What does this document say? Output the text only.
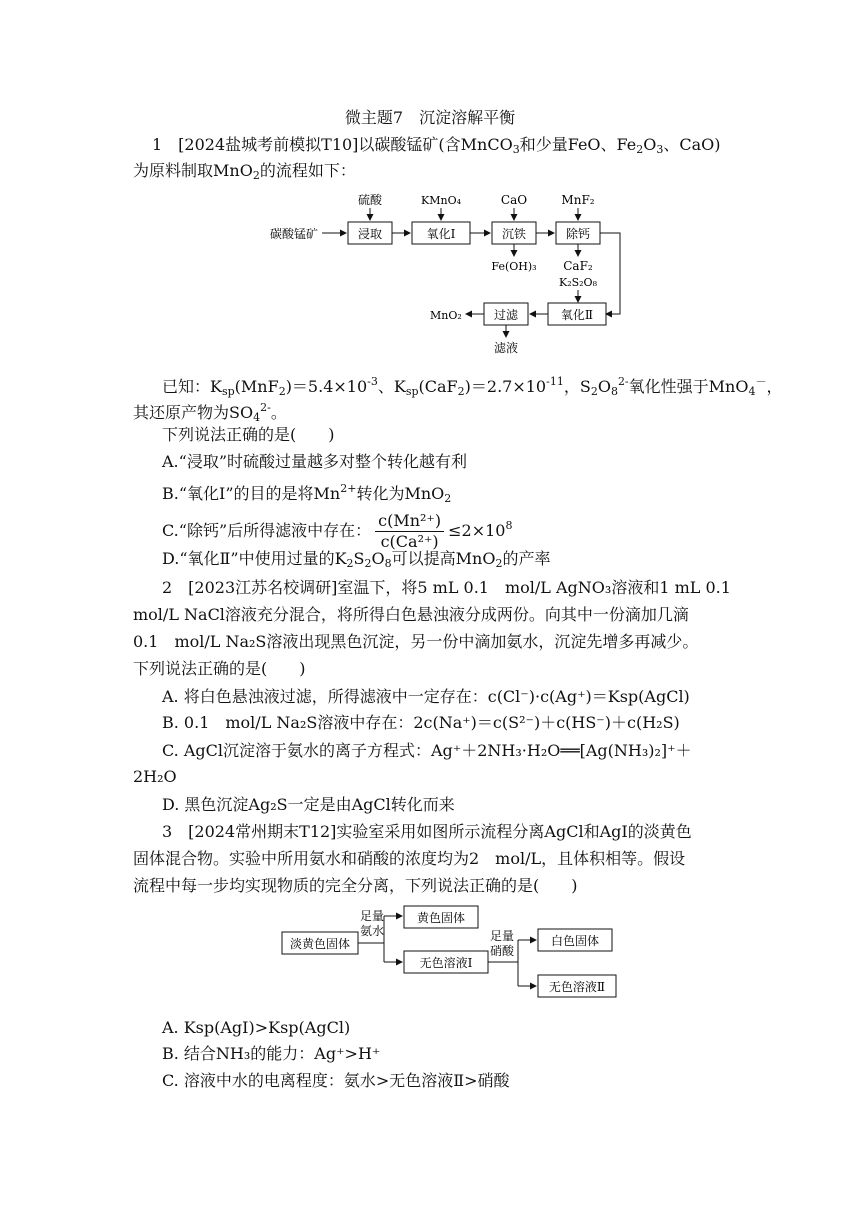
微主题7　沉淀溶解平衡
1　[2024盐城考前模拟T10]以碳酸锰矿(含MnCO$_3$和少量FeO、$Fe_2O_3$、CaO)
为原料制取MnO$_2$的流程如下：
碳酸锰矿	浸取
硫酸
氧化Ⅰ
KMnO₄
沉铁
CaO
Fe(OH)₃
除钙
MnF₂
CaF₂
K₂S₂O₈
氧化Ⅱ
过滤
MnO₂
滤液
已知：$K_{sp}(MnF_2)=5.4\times 10^{-3}$、$K_{sp}(CaF_2)=2.7\times 10^{-11}$，$S_2O_8^{2-}$氧化性强于MnO$_4$－，
其还原产物为$SO_4^{2-}$。
下列说法正确的是(　　)
A.“浸取”时硫酸过量越多对整个转化越有利
B.“氧化Ⅰ”的目的是将$Mn^{2+}$转化为MnO$_2$
C.“除钙”后所得滤液中存在： $\frac{\text{c(Mn²⁺)}}{\text{c(Ca²⁺)}} \le 2\times 10^8$
D.“氧化Ⅱ”中使用过量的$K_2S_2O_8$可以提高MnO$_2$的产率
2　[2023江苏名校调研]室温下，将5 mL 0.1　mol/L AgNO₃溶液和1 mL 0.1
mol/L NaCl溶液充分混合，将所得白色悬浊液分成两份。向其中一份滴加几滴
0.1　mol/L Na₂S溶液出现黑色沉淀，另一份中滴加氨水，沉淀先增多再减少。
下列说法正确的是(　　)
A. 将白色悬浊液过滤，所得滤液中一定存在：c(Cl⁻)·c(Ag⁺)＝Ksp(AgCl)
B. 0.1　mol/L Na₂S溶液中存在：2c(Na⁺)＝c(S²⁻)＋c(HS⁻)＋c(H₂S)
C. AgCl沉淀溶于氨水的离子方程式：Ag⁺＋2NH₃·H₂O══[Ag(NH₃)₂]⁺＋
2H₂O
D. 黑色沉淀Ag₂S一定是由AgCl转化而来
3　[2024常州期末T12]实验室采用如图所示流程分离AgCl和AgI的淡黄色
固体混合物。实验中所用氨水和硝酸的浓度均为2　mol/L，且体积相等。假设
流程中每一步均实现物质的完全分离，下列说法正确的是(　　)
淡黄色固体
足量
氨水
黄色固体
无色溶液Ⅰ
足量
硝酸
白色固体
无色溶液Ⅱ
A. Ksp(AgI)>Ksp(AgCl)
B. 结合NH₃的能力：Ag⁺>H⁺
C. 溶液中水的电离程度：氨水>无色溶液Ⅱ>硝酸
